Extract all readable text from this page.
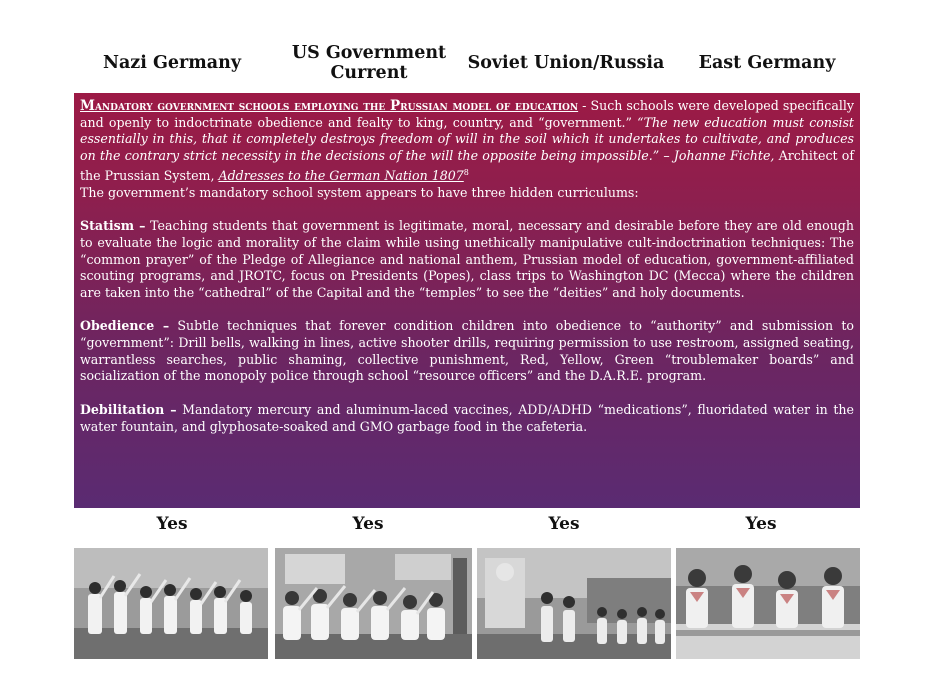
Nazi Germany	US Government Current	Soviet Union/Russia	East Germany

Mandatory government schools employing the Prussian model of education - Such schools were developed specifically and openly to indoctrinate obedience and fealty to king, country, and “government.” “The new education must consist essentially in this, that it completely destroys freedom of will in the soil which it undertakes to cultivate, and produces on the contrary strict necessity in the decisions of the will the opposite being impossible.” – Johanne Fichte, Architect of the Prussian System, Addresses to the German Nation 1807$^8$

The government’s mandatory school system appears to have three hidden curriculums:

Statism – Teaching students that government is legitimate, moral, necessary and desirable before they are old enough to evaluate the logic and morality of the claim while using unethically manipulative cult-indoctrination techniques: The “common prayer” of the Pledge of Allegiance and national anthem, Prussian model of education, government-affiliated scouting programs, and JROTC, focus on Presidents (Popes), class trips to Washington DC (Mecca) where the children are taken into the “cathedral” of the Capital and the “temples” to see the “deities” and holy documents.

Obedience – Subtle techniques that forever condition children into obedience to “authority” and submission to “government”: Drill bells, walking in lines, active shooter drills, requiring permission to use restroom, assigned seating, warrantless searches, public shaming, collective punishment, Red, Yellow, Green “troublemaker boards” and socialization of the monopoly police through school “resource officers” and the D.A.R.E. program.

Debilitation – Mandatory mercury and aluminum-laced vaccines, ADD/ADHD “medications”, fluoridated water in the water fountain, and glyphosate-soaked and GMO garbage food in the cafeteria.

Yes	Yes	Yes	Yes
